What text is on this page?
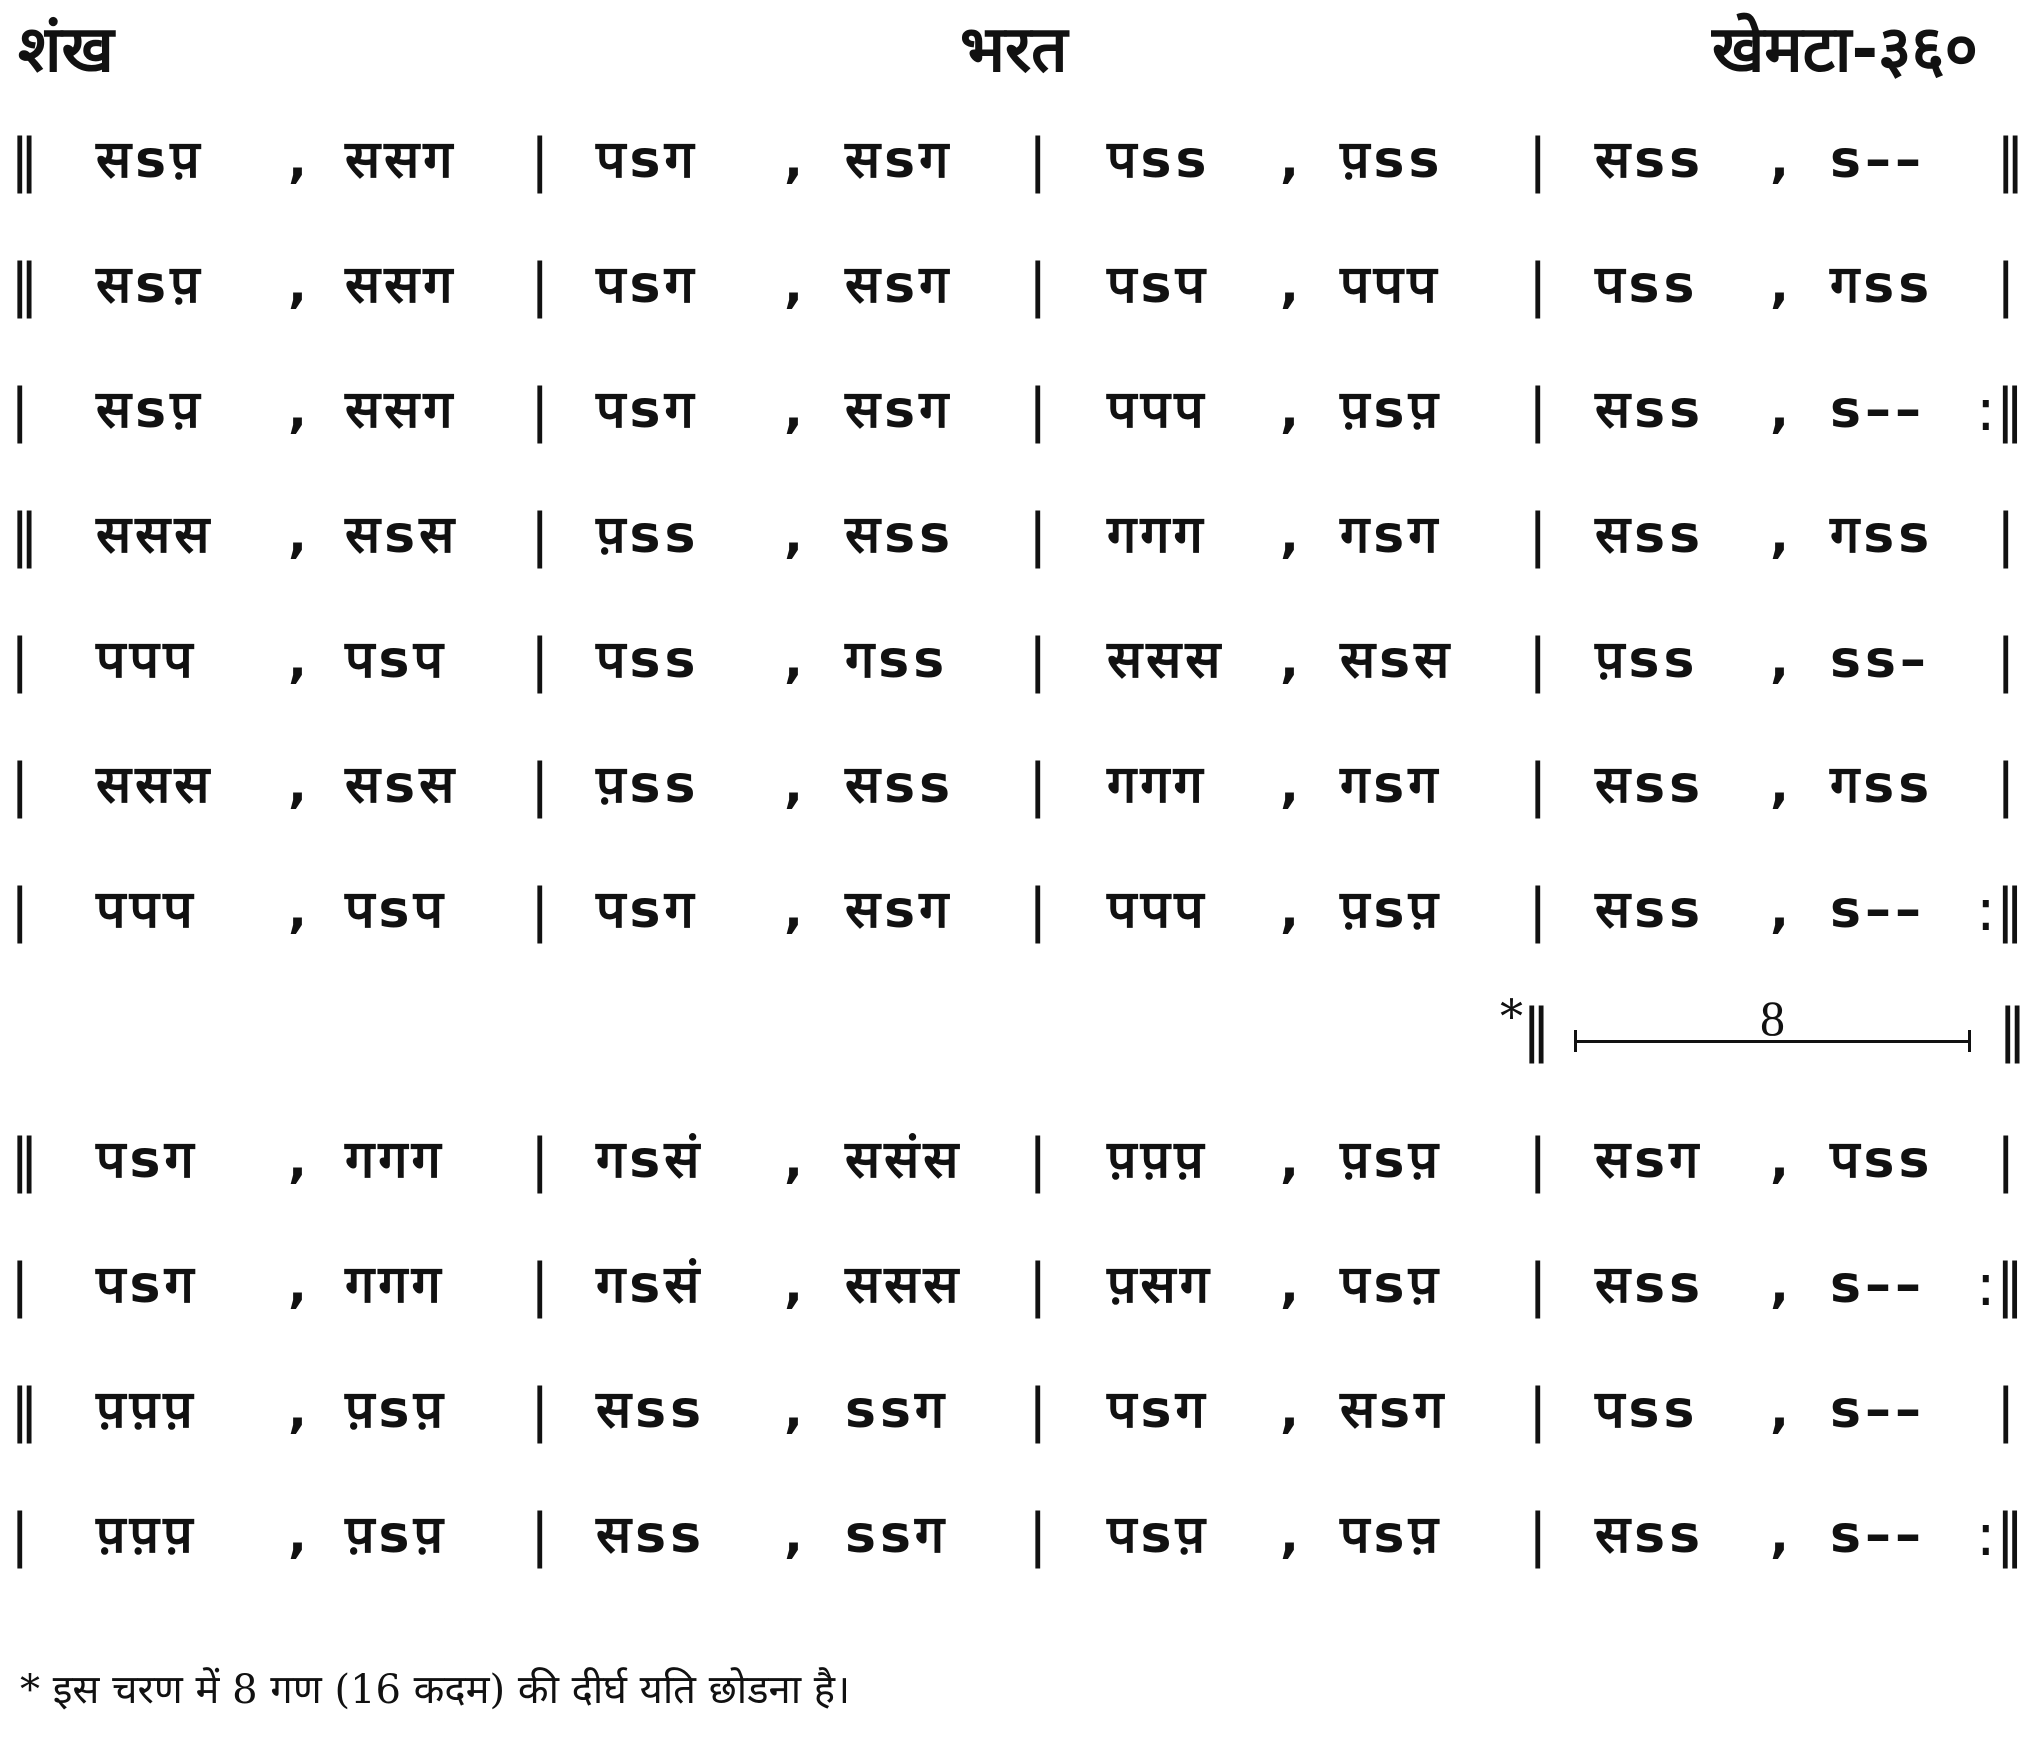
शंख	भरत	खेमटा-३६०
‖ सsप़ , ससग | पsग , सsग | पss , प़ss | सss , s–– ‖
‖ सsप़ , ससग | पsग , सsग | पsप , पपप | पss , गss |
| सsप़ , ससग | पsग , सsग | पपप , प़sप़ | सss , s–– :‖
‖ ससस , सsस | प़ss , सss | गगग , गsग | सss , गss |
| पपप , पsप | पss , गss | ससस , सsस | प़ss , ss– |
| ससस , सsस | प़ss , सss | गगग , गsग | सss , गss |
| पपप , पsप | पsग , सsग | पपप , प़sप़ | सss , s–– :‖
‖ पsग , गगग | गsसं , ससंस | प़प़प़ , प़sप़ | सsग , पss |
| पsग , गगग | गsसं , ससस | प़सग , पsप़ | सss , s–– :‖
‖ प़प़प़ , प़sप़ | सss , ssग | पsग , सsग | पss , s–– |
| प़प़प़ , प़sप़ | सss , ssग | पsप़ , पsप़ | सss , s–– :‖
* ‖	8	‖
* इस चरण में 8 गण (16 कदम) की दीर्घ यति छोडना है।
